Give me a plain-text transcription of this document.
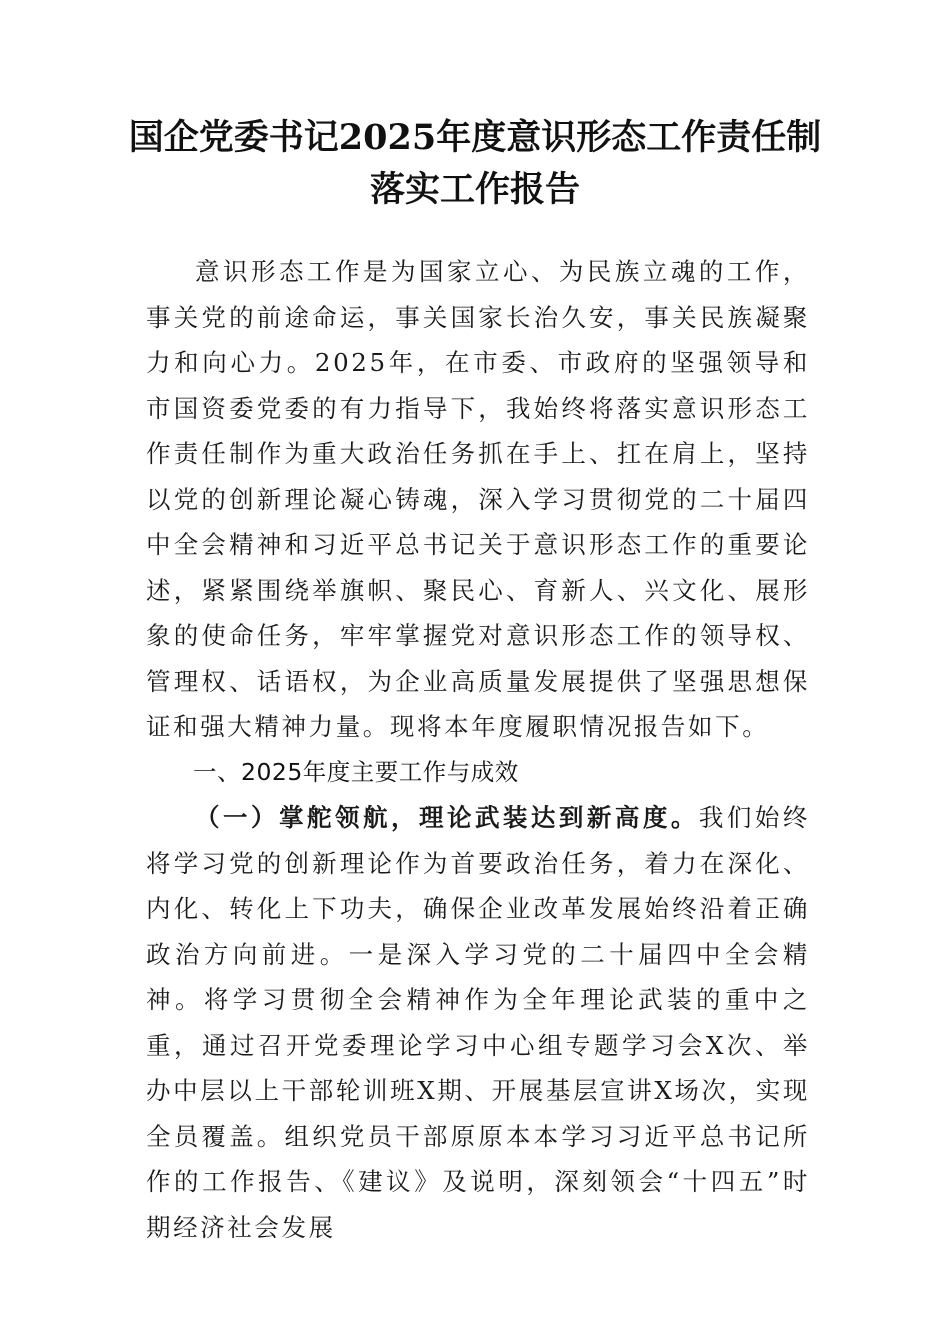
国企党委书记2025年度意识形态工作责任制落实工作报告

意识形态工作是为国家立心、为民族立魂的工作，事关党的前途命运，事关国家长治久安，事关民族凝聚力和向心力。2025年，在市委、市政府的坚强领导和市国资委党委的有力指导下，我始终将落实意识形态工作责任制作为重大政治任务抓在手上、扛在肩上，坚持以党的创新理论凝心铸魂，深入学习贯彻党的二十届四中全会精神和习近平总书记关于意识形态工作的重要论述，紧紧围绕举旗帜、聚民心、育新人、兴文化、展形象的使命任务，牢牢掌握党对意识形态工作的领导权、管理权、话语权，为企业高质量发展提供了坚强思想保证和强大精神力量。现将本年度履职情况报告如下。

一、2025年度主要工作与成效

（一）掌舵领航，理论武装达到新高度。我们始终将学习党的创新理论作为首要政治任务，着力在深化、内化、转化上下功夫，确保企业改革发展始终沿着正确政治方向前进。一是深入学习党的二十届四中全会精神。将学习贯彻全会精神作为全年理论武装的重中之重，通过召开党委理论学习中心组专题学习会X次、举办中层以上干部轮训班X期、开展基层宣讲X场次，实现全员覆盖。组织党员干部原原本本学习习近平总书记所作的工作报告、《建议》及说明，深刻领会“十四五”时期经济社会发展
